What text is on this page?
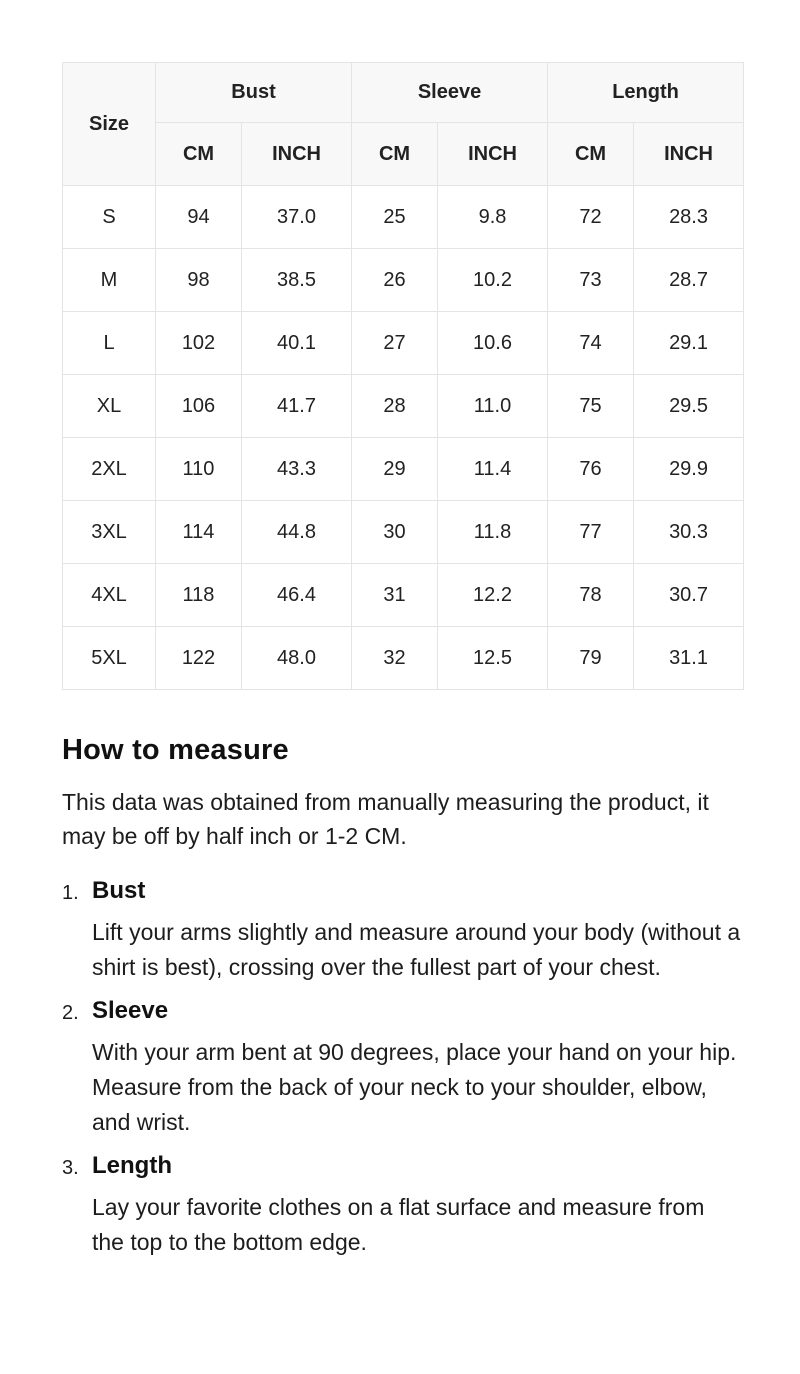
Size	Bust		Sleeve		Length	
	CM	INCH	CM	INCH	CM	INCH
S	94	37.0	25	9.8	72	28.3
M	98	38.5	26	10.2	73	28.7
L	102	40.1	27	10.6	74	29.1
XL	106	41.7	28	11.0	75	29.5
2XL	110	43.3	29	11.4	76	29.9
3XL	114	44.8	30	11.8	77	30.3
4XL	118	46.4	31	12.2	78	30.7
5XL	122	48.0	32	12.5	79	31.1
How to measure

This data was obtained from manually measuring the product, it may be off by half inch or 1-2 CM.

1. Bust
Lift your arms slightly and measure around your body (without a shirt is best), crossing over the fullest part of your chest.
2. Sleeve
With your arm bent at 90 degrees, place your hand on your hip. Measure from the back of your neck to your shoulder, elbow, and wrist.
3. Length
Lay your favorite clothes on a flat surface and measure from the top to the bottom edge.
